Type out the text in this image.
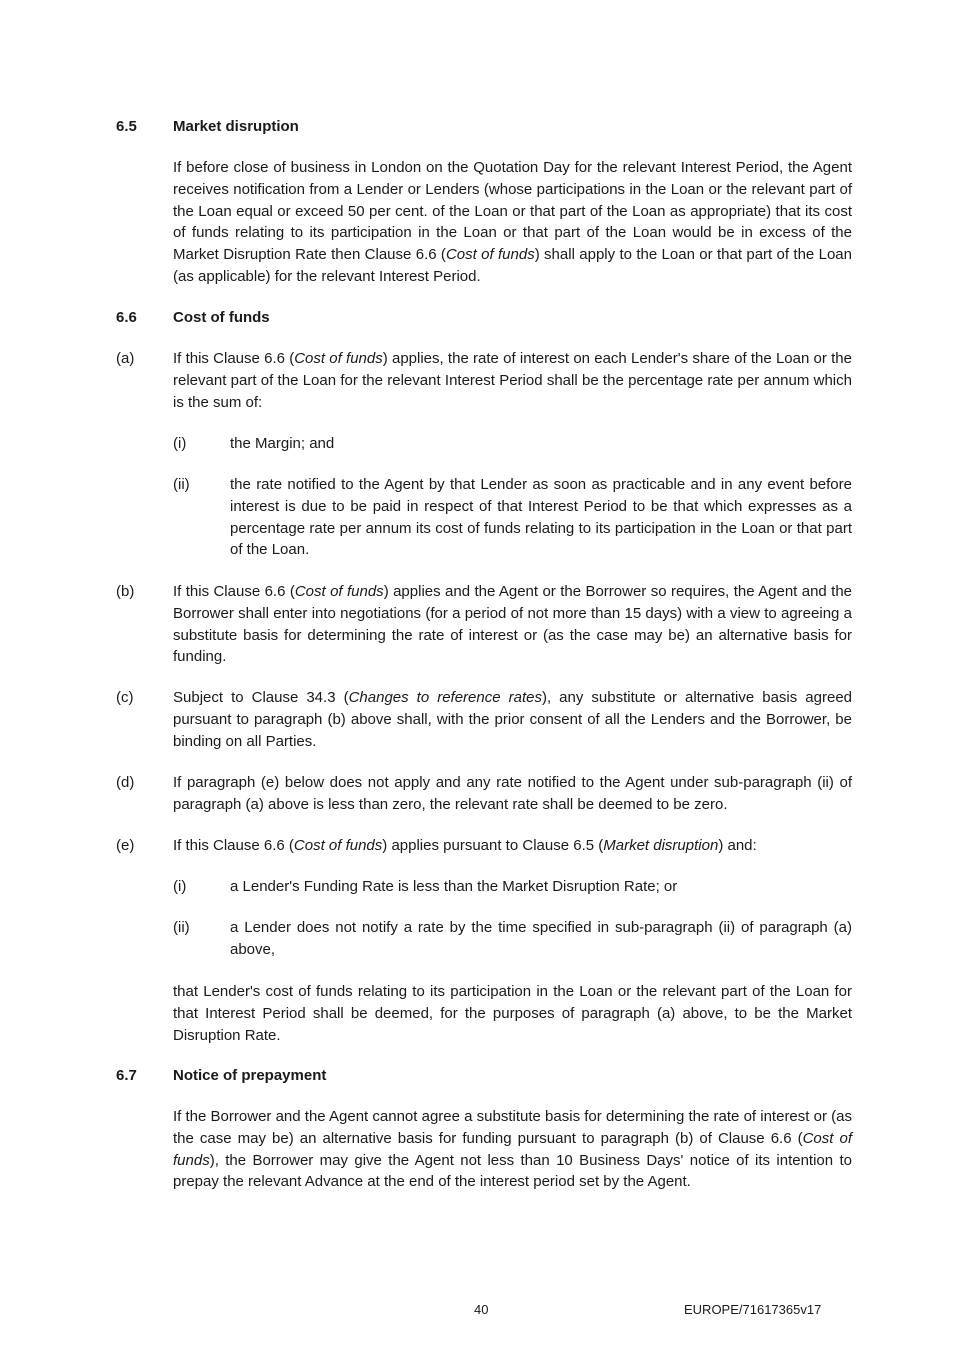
6.5 Market disruption
If before close of business in London on the Quotation Day for the relevant Interest Period, the Agent receives notification from a Lender or Lenders (whose participations in the Loan or the relevant part of the Loan equal or exceed 50 per cent. of the Loan or that part of the Loan as appropriate) that its cost of funds relating to its participation in the Loan or that part of the Loan would be in excess of the Market Disruption Rate then Clause 6.6 (Cost of funds) shall apply to the Loan or that part of the Loan (as applicable) for the relevant Interest Period.
6.6 Cost of funds
(a)	If this Clause 6.6 (Cost of funds) applies, the rate of interest on each Lender's share of the Loan or the relevant part of the Loan for the relevant Interest Period shall be the percentage rate per annum which is the sum of:
(i)	the Margin; and
(ii)	the rate notified to the Agent by that Lender as soon as practicable and in any event before interest is due to be paid in respect of that Interest Period to be that which expresses as a percentage rate per annum its cost of funds relating to its participation in the Loan or that part of the Loan.
(b)	If this Clause 6.6 (Cost of funds) applies and the Agent or the Borrower so requires, the Agent and the Borrower shall enter into negotiations (for a period of not more than 15 days) with a view to agreeing a substitute basis for determining the rate of interest or (as the case may be) an alternative basis for funding.
(c)	Subject to Clause 34.3 (Changes to reference rates), any substitute or alternative basis agreed pursuant to paragraph (b) above shall, with the prior consent of all the Lenders and the Borrower, be binding on all Parties.
(d)	If paragraph (e) below does not apply and any rate notified to the Agent under sub-paragraph (ii) of paragraph (a) above is less than zero, the relevant rate shall be deemed to be zero.
(e)	If this Clause 6.6 (Cost of funds) applies pursuant to Clause 6.5 (Market disruption) and:
(i)	a Lender's Funding Rate is less than the Market Disruption Rate; or
(ii)	a Lender does not notify a rate by the time specified in sub-paragraph (ii) of paragraph (a) above,
that Lender's cost of funds relating to its participation in the Loan or the relevant part of the Loan for that Interest Period shall be deemed, for the purposes of paragraph (a) above, to be the Market Disruption Rate.
6.7 Notice of prepayment
If the Borrower and the Agent cannot agree a substitute basis for determining the rate of interest or (as the case may be) an alternative basis for funding pursuant to paragraph (b) of Clause 6.6 (Cost of funds), the Borrower may give the Agent not less than 10 Business Days' notice of its intention to prepay the relevant Advance at the end of the interest period set by the Agent.
40	EUROPE/71617365v17
